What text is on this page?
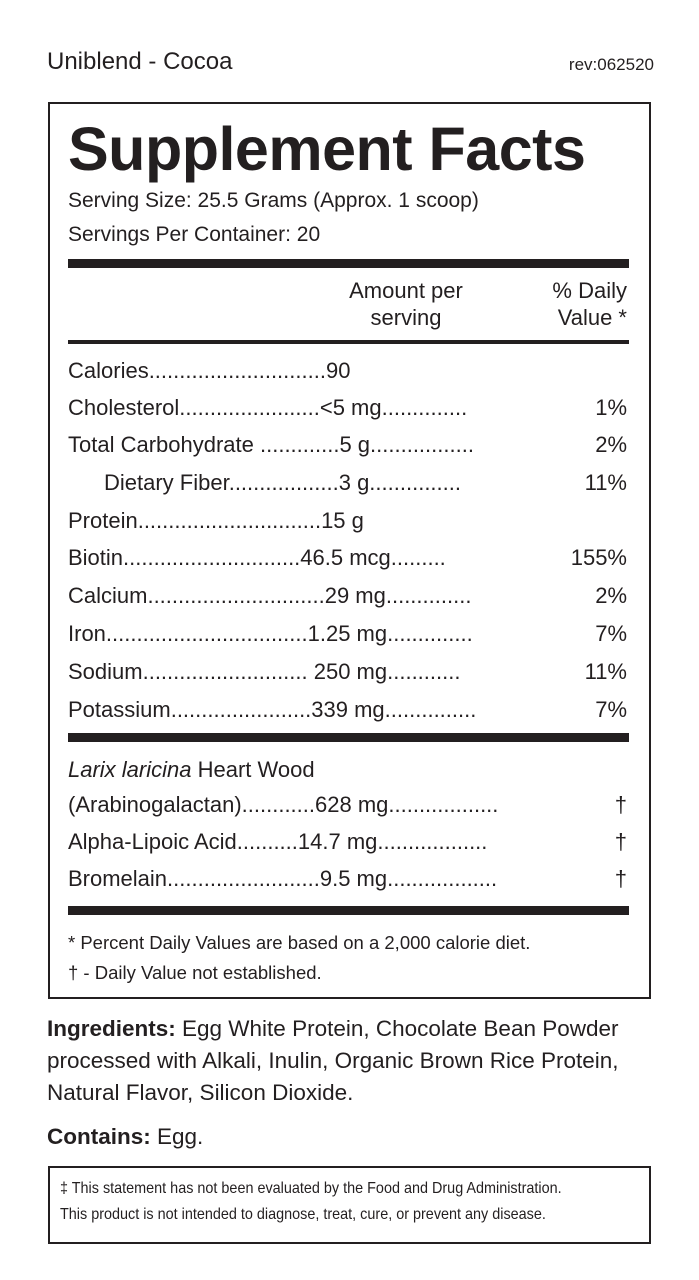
Uniblend - Cocoa	rev:062520
Supplement Facts
Serving Size: 25.5 Grams (Approx. 1 scoop)
Servings Per Container: 20
Amount per
serving
% Daily
Value *
Calories.............................90
Cholesterol.......................<5 mg..............	1%
Total Carbohydrate .............5 g.................	2%
Dietary Fiber..................3 g...............	11%
Protein..............................15 g
Biotin.............................46.5 mcg.........	155%
Calcium.............................29 mg..............	2%
Iron.................................1.25 mg..............	7%
Sodium........................... 250 mg............	11%
Potassium.......................339 mg...............	7%
Larix laricina Heart Wood
(Arabinogalactan)............628 mg..................	†
Alpha-Lipoic Acid..........14.7 mg..................	†
Bromelain.........................9.5 mg..................	†
* Percent Daily Values are based on a 2,000 calorie diet.
† - Daily Value not established.
Ingredients: Egg White Protein, Chocolate Bean Powder processed with Alkali, Inulin, Organic Brown Rice Protein, Natural Flavor, Silicon Dioxide.
Contains: Egg.
‡ This statement has not been evaluated by the Food and Drug Administration.
This product is not intended to diagnose, treat, cure, or prevent any disease.
